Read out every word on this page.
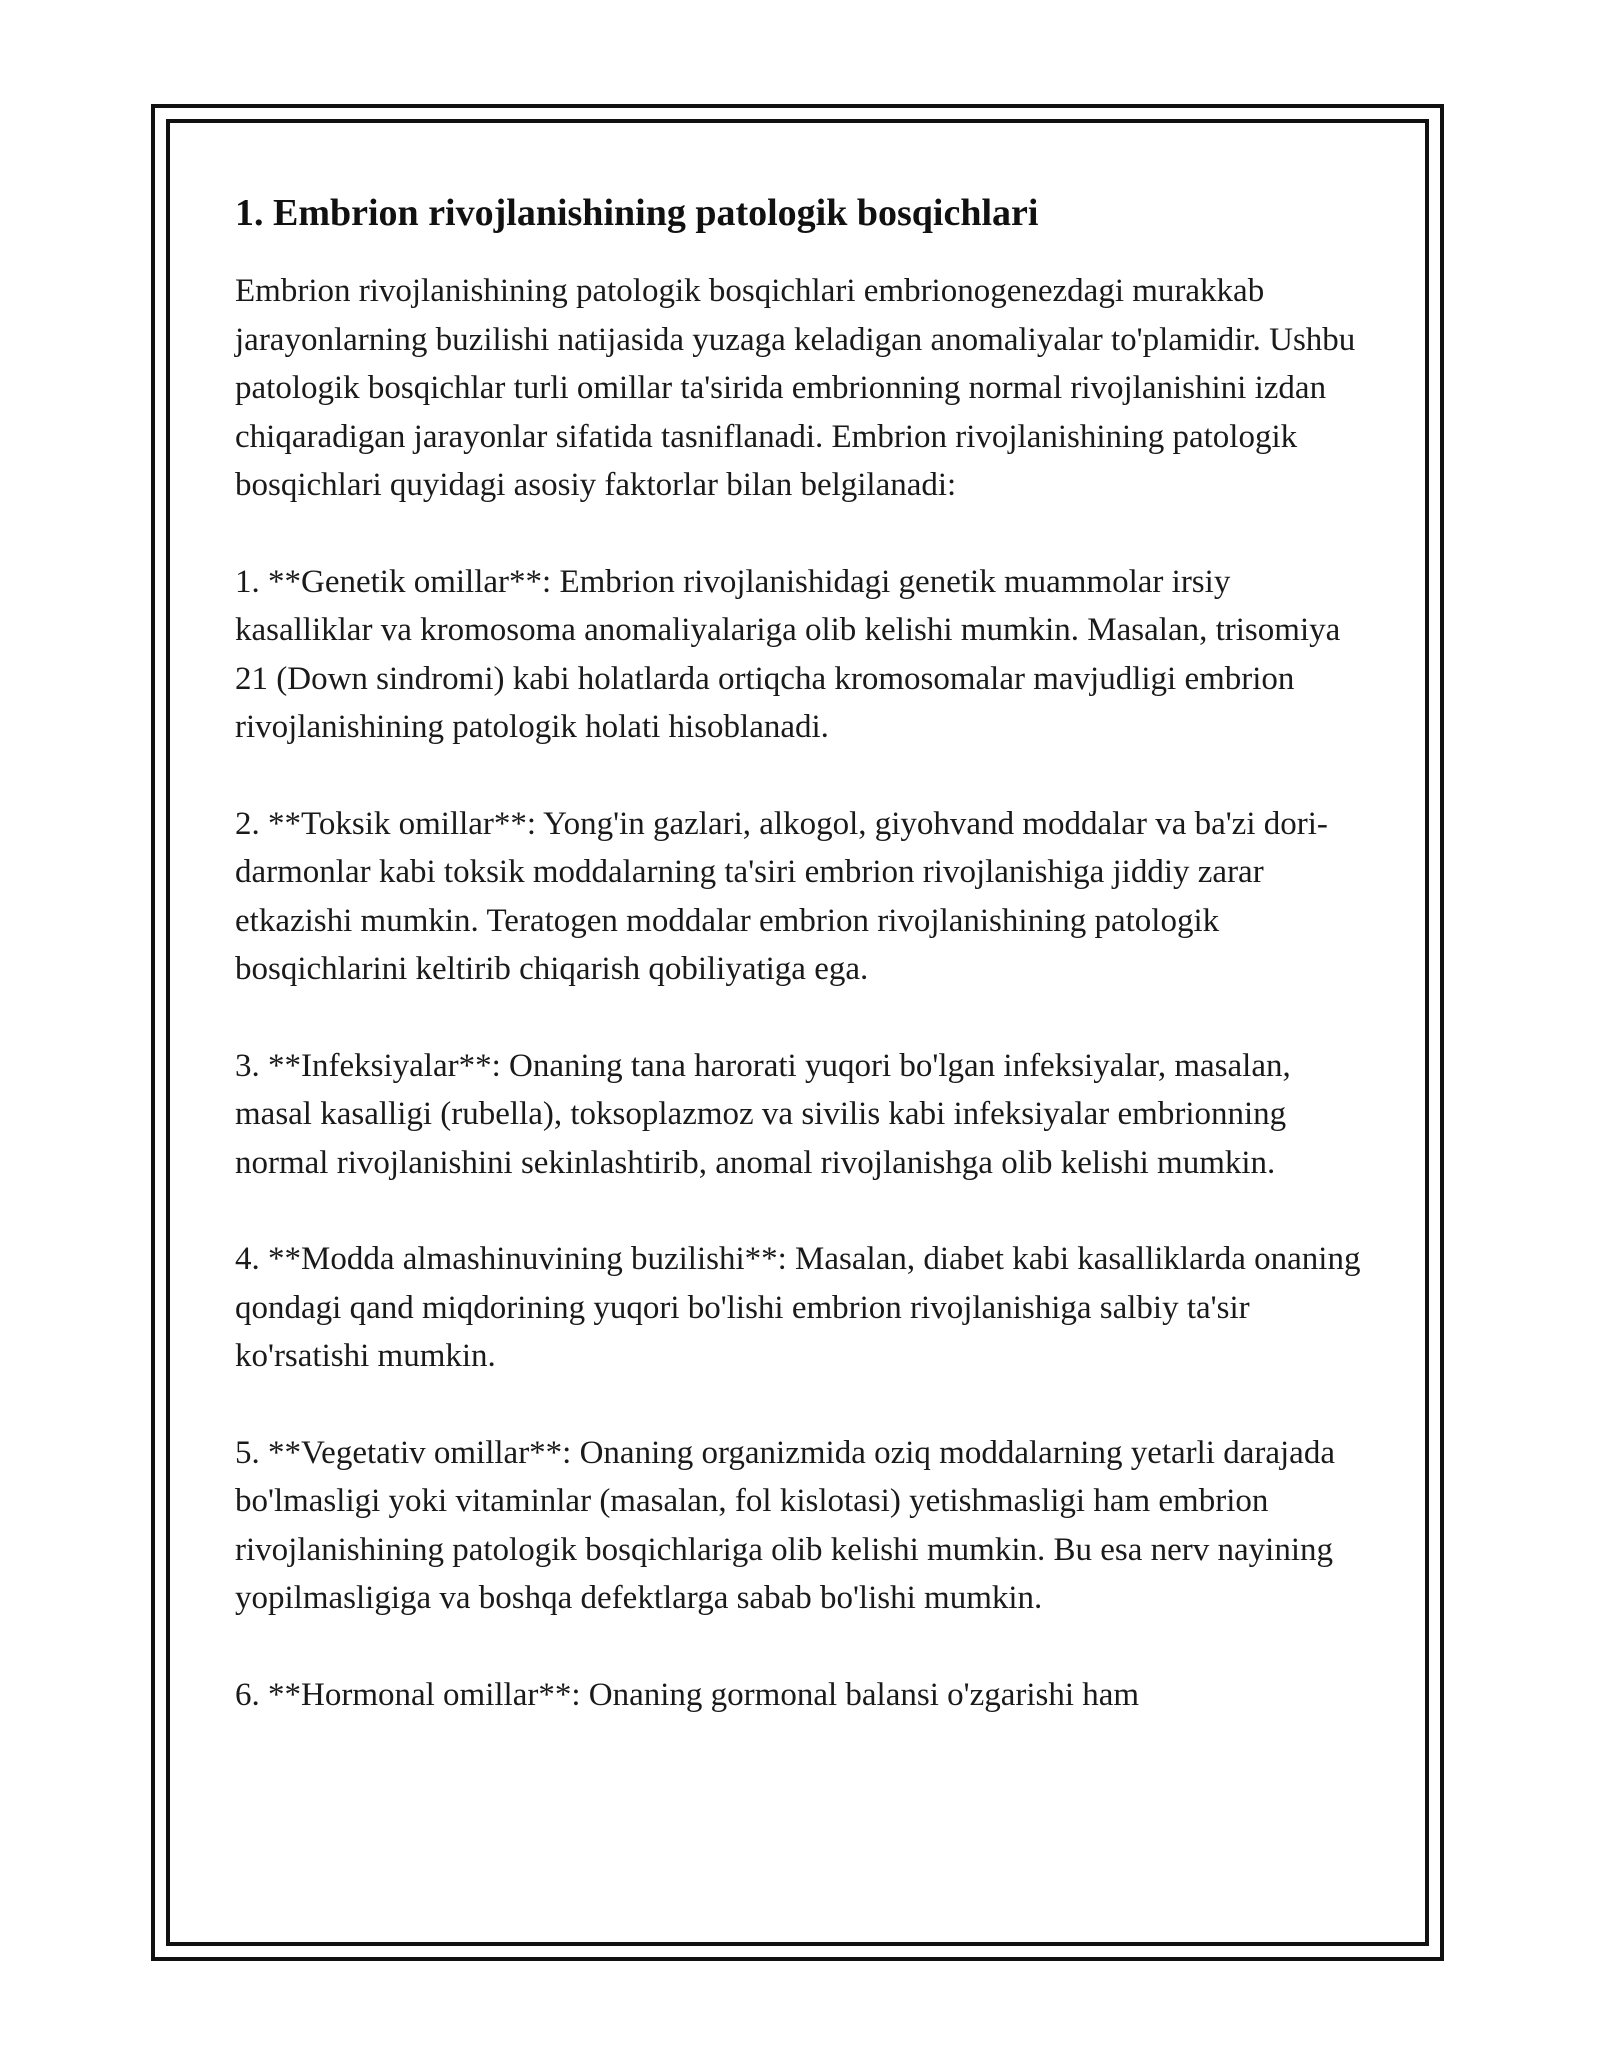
1. Embrion rivojlanishining patologik bosqichlari

Embrion rivojlanishining patologik bosqichlari embrionogenezdagi murakkab jarayonlarning buzilishi natijasida yuzaga keladigan anomaliyalar to'plamidir. Ushbu patologik bosqichlar turli omillar ta'sirida embrionning normal rivojlanishini izdan chiqaradigan jarayonlar sifatida tasniflanadi. Embrion rivojlanishining patologik bosqichlari quyidagi asosiy faktorlar bilan belgilanadi:

1. **Genetik omillar**: Embrion rivojlanishidagi genetik muammolar irsiy kasalliklar va kromosoma anomaliyalariga olib kelishi mumkin. Masalan, trisomiya 21 (Down sindromi) kabi holatlarda ortiqcha kromosomalar mavjudligi embrion rivojlanishining patologik holati hisoblanadi.

2. **Toksik omillar**: Yong'in gazlari, alkogol, giyohvand moddalar va ba'zi dori-darmonlar kabi toksik moddalarning ta'siri embrion rivojlanishiga jiddiy zarar etkazishi mumkin. Teratogen moddalar embrion rivojlanishining patologik bosqichlarini keltirib chiqarish qobiliyatiga ega.

3. **Infeksiyalar**: Onaning tana harorati yuqori bo'lgan infeksiyalar, masalan, masal kasalligi (rubella), toksoplazmoz va sivilis kabi infeksiyalar embrionning normal rivojlanishini sekinlashtirib, anomal rivojlanishga olib kelishi mumkin.

4. **Modda almashinuvining buzilishi**: Masalan, diabet kabi kasalliklarda onaning qondagi qand miqdorining yuqori bo'lishi embrion rivojlanishiga salbiy ta'sir ko'rsatishi mumkin.

5. **Vegetativ omillar**: Onaning organizmida oziq moddalarning yetarli darajada bo'lmasligi yoki vitaminlar (masalan, fol kislotasi) yetishmasligi ham embrion rivojlanishining patologik bosqichlariga olib kelishi mumkin. Bu esa nerv nayining yopilmasligiga va boshqa defektlarga sabab bo'lishi mumkin.

6. **Hormonal omillar**: Onaning gormonal balansi o'zgarishi ham
